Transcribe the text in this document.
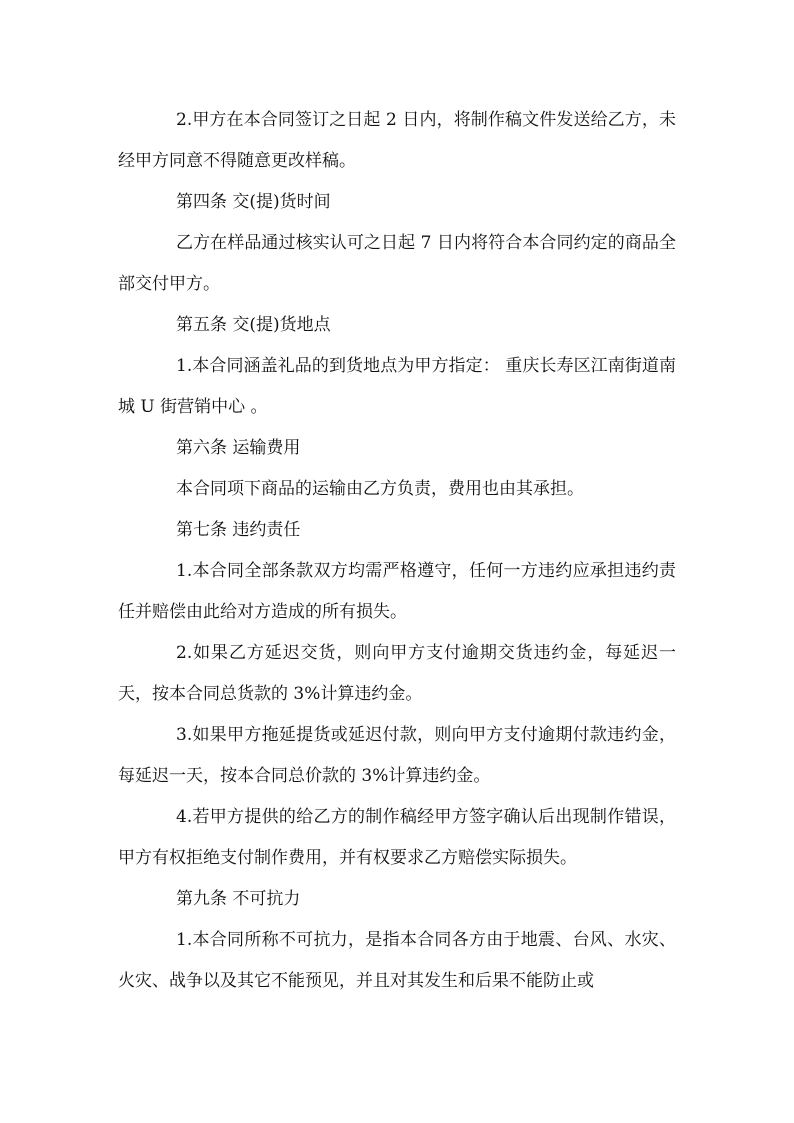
2.甲方在本合同签订之日起 2 日内，将制作稿文件发送给乙方，未经甲方同意不得随意更改样稿。

第四条 交(提)货时间

乙方在样品通过核实认可之日起 7 日内将符合本合同约定的商品全部交付甲方。

第五条 交(提)货地点

1.本合同涵盖礼品的到货地点为甲方指定： 重庆长寿区江南街道南城 U 街营销中心 。

第六条 运输费用

本合同项下商品的运输由乙方负责，费用也由其承担。

第七条 违约责任

1.本合同全部条款双方均需严格遵守，任何一方违约应承担违约责任并赔偿由此给对方造成的所有损失。

2.如果乙方延迟交货，则向甲方支付逾期交货违约金，每延迟一天，按本合同总货款的 3%计算违约金。

3.如果甲方拖延提货或延迟付款，则向甲方支付逾期付款违约金，每延迟一天，按本合同总价款的 3%计算违约金。

4.若甲方提供的给乙方的制作稿经甲方签字确认后出现制作错误，甲方有权拒绝支付制作费用，并有权要求乙方赔偿实际损失。

第九条 不可抗力

1.本合同所称不可抗力，是指本合同各方由于地震、台风、水灾、火灾、战争以及其它不能预见，并且对其发生和后果不能防止或
